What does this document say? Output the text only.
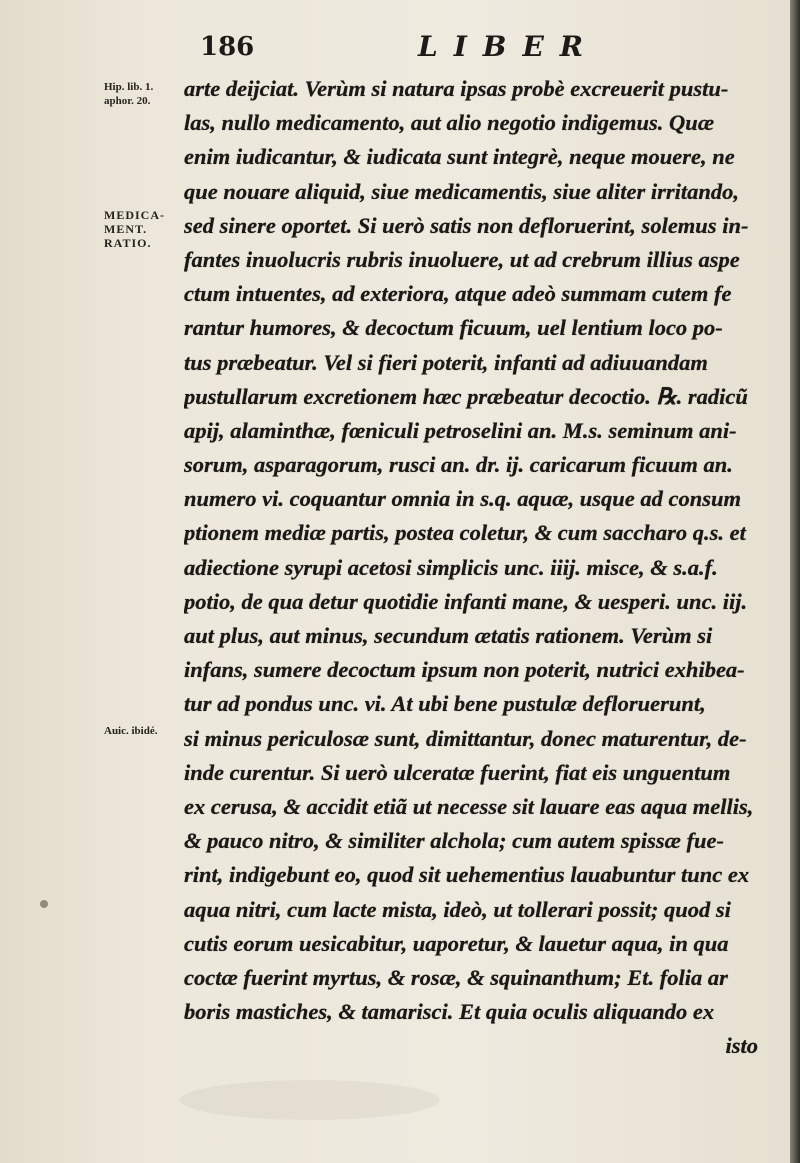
186	LIBER
Hip. lib. 1.
aphor. 20.
MEDICA-
MENT.
RATIO.
Auic. ibidé.
arte deijciat. Verùm si natura ipsas probè excreuerit pustu-
las, nullo medicamento, aut alio negotio indigemus. Quæ
enim iudicantur, & iudicata sunt integrè, neque mouere, ne
que nouare aliquid, siue medicamentis, siue aliter irritando,
sed sinere oportet. Si uerò satis non defloruerint, solemus in-
fantes inuolucris rubris inuoluere, ut ad crebrum illius aspe
ctum intuentes, ad exteriora, atque adeò summam cutem fe
rantur humores, & decoctum ficuum, uel lentium loco po-
tus præbeatur. Vel si fieri poterit, infanti ad adiuuandam
pustullarum excretionem hæc præbeatur decoctio. ℞. radicũ
apij, alaminthæ, fœniculi petroselini an. M.s. seminum ani-
sorum, asparagorum, rusci an. dr. ij. caricarum ficuum an.
numero vi. coquantur omnia in s.q. aquæ, usque ad consum
ptionem mediæ partis, postea coletur, & cum saccharo q.s. et
adiectione syrupi acetosi simplicis unc. iiij. misce, & s.a.f.
potio, de qua detur quotidie infanti mane, & uesperi. unc. iij.
aut plus, aut minus, secundum ætatis rationem. Verùm si
infans, sumere decoctum ipsum non poterit, nutrici exhibea-
tur ad pondus unc. vi. At ubi bene pustulæ defloruerunt,
si minus periculosæ sunt, dimittantur, donec maturentur, de-
inde curentur. Si uerò ulceratæ fuerint, fiat eis unguentum
ex cerusa, & accidit etiã ut necesse sit lauare eas aqua mellis,
& pauco nitro, & similiter alchola; cum autem spissæ fue-
rint, indigebunt eo, quod sit uehementius lauabuntur tunc ex
aqua nitri, cum lacte mista, ideò, ut tollerari possit; quod si
cutis eorum uesicabitur, uaporetur, & lauetur aqua, in qua
coctæ fuerint myrtus, & rosæ, & squinanthum; Et. folia ar
boris mastiches, & tamarisci. Et quia oculis aliquando ex
isto
